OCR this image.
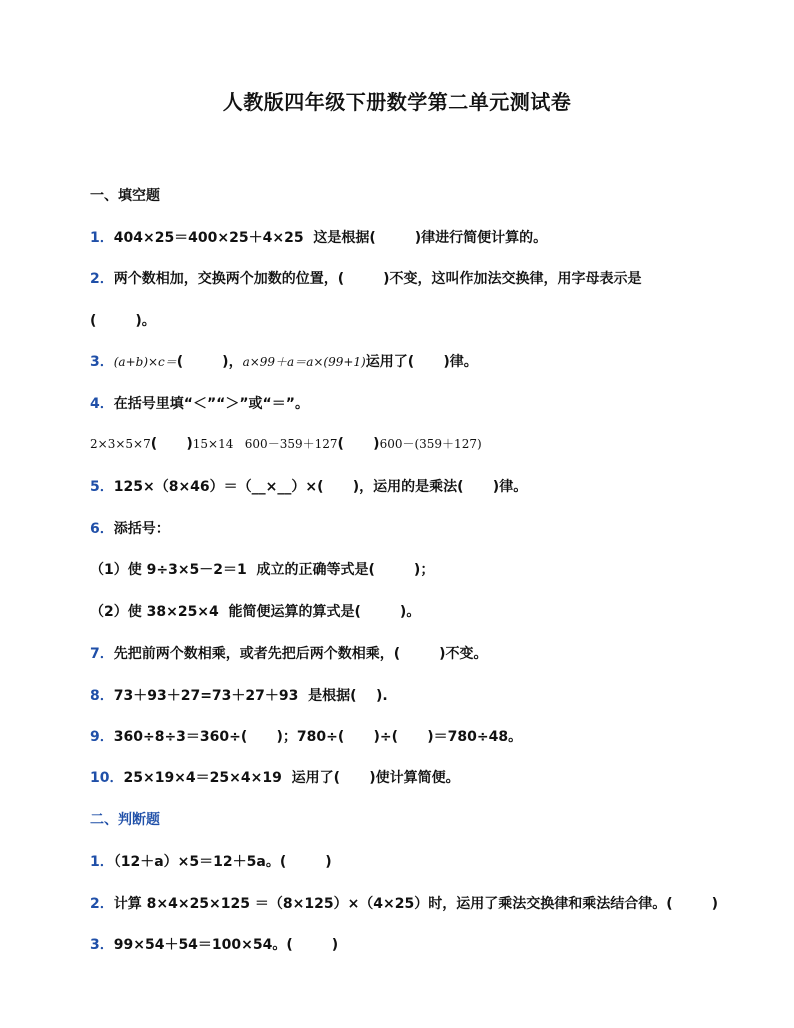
人教版四年级下册数学第二单元测试卷
一、填空题
1．404×25＝400×25＋4×25  这是根据(        )律进行简便计算的。
2．两个数相加，交换两个加数的位置，(        )不变，这叫作加法交换律，用字母表示是
(        )。
3．(a+b)×c＝(        )，a×99＋a＝a×(99+1)运用了(      )律。
4．在括号里填“＜”“＞”或“＝”。
2×3×5×7(      )15×14   600－359＋127(      )600－(359＋127)
5．125×（8×46）＝（__×__）×(      )，运用的是乘法(      )律。
6．添括号：
（1）使 9÷3×5－2＝1  成立的正确等式是(        )；
（2）使 38×25×4  能简便运算的算式是(        )。
7．先把前两个数相乘，或者先把后两个数相乘，(        )不变。
8．73＋93＋27=73＋27＋93  是根据(    ).
9．360÷8÷3＝360÷(      )；780÷(      )÷(      )＝780÷48。
10．25×19×4＝25×4×19  运用了(      )使计算简便。
二、判断题
1．（12＋a）×5＝12＋5a。(        )
2．计算 8×4×25×125 ＝（8×125）×（4×25）时，运用了乘法交换律和乘法结合律。(        )
3．99×54＋54＝100×54。(        )
